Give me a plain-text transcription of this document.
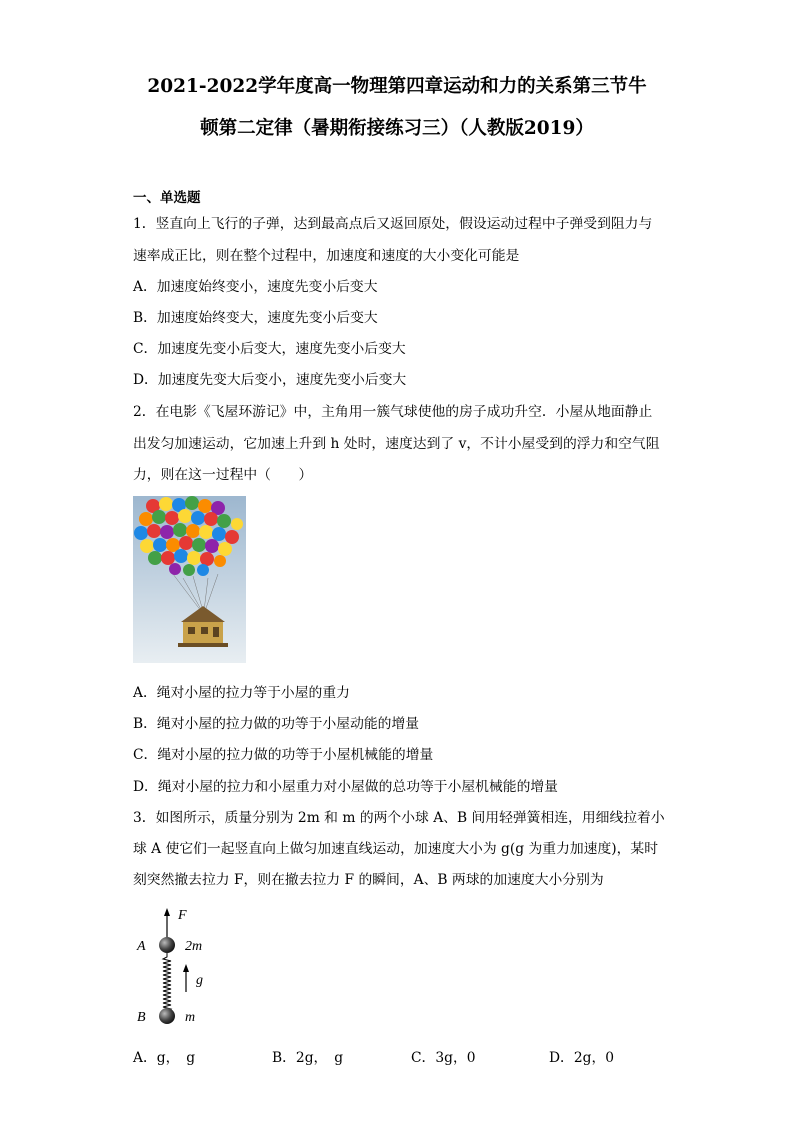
2021-2022学年度高一物理第四章运动和力的关系第三节牛
顿第二定律（暑期衔接练习三）（人教版2019）
一、单选题
1．竖直向上飞行的子弹，达到最高点后又返回原处，假设运动过程中子弹受到阻力与
速率成正比，则在整个过程中，加速度和速度的大小变化可能是
A．加速度始终变小，速度先变小后变大
B．加速度始终变大，速度先变小后变大
C．加速度先变小后变大，速度先变小后变大
D．加速度先变大后变小，速度先变小后变大
2．在电影《飞屋环游记》中，主角用一簇气球使他的房子成功升空．小屋从地面静止
出发匀加速运动，它加速上升到 h 处时，速度达到了 v，不计小屋受到的浮力和空气阻
力，则在这一过程中（　　）
A．绳对小屋的拉力等于小屋的重力
B．绳对小屋的拉力做的功等于小屋动能的增量
C．绳对小屋的拉力做的功等于小屋机械能的增量
D．绳对小屋的拉力和小屋重力对小屋做的总功等于小屋机械能的增量
3．如图所示，质量分别为 2m 和 m 的两个小球 A、B 间用轻弹簧相连，用细线拉着小
球 A 使它们一起竖直向上做匀加速直线运动，加速度大小为 g(g 为重力加速度)，某时
刻突然撤去拉力 F，则在撤去拉力 F 的瞬间，A、B 两球的加速度大小分别为
F
A	2m
g
B	m
A．g，　g	B．2g，　g	C．3g，0	D．2g，0
